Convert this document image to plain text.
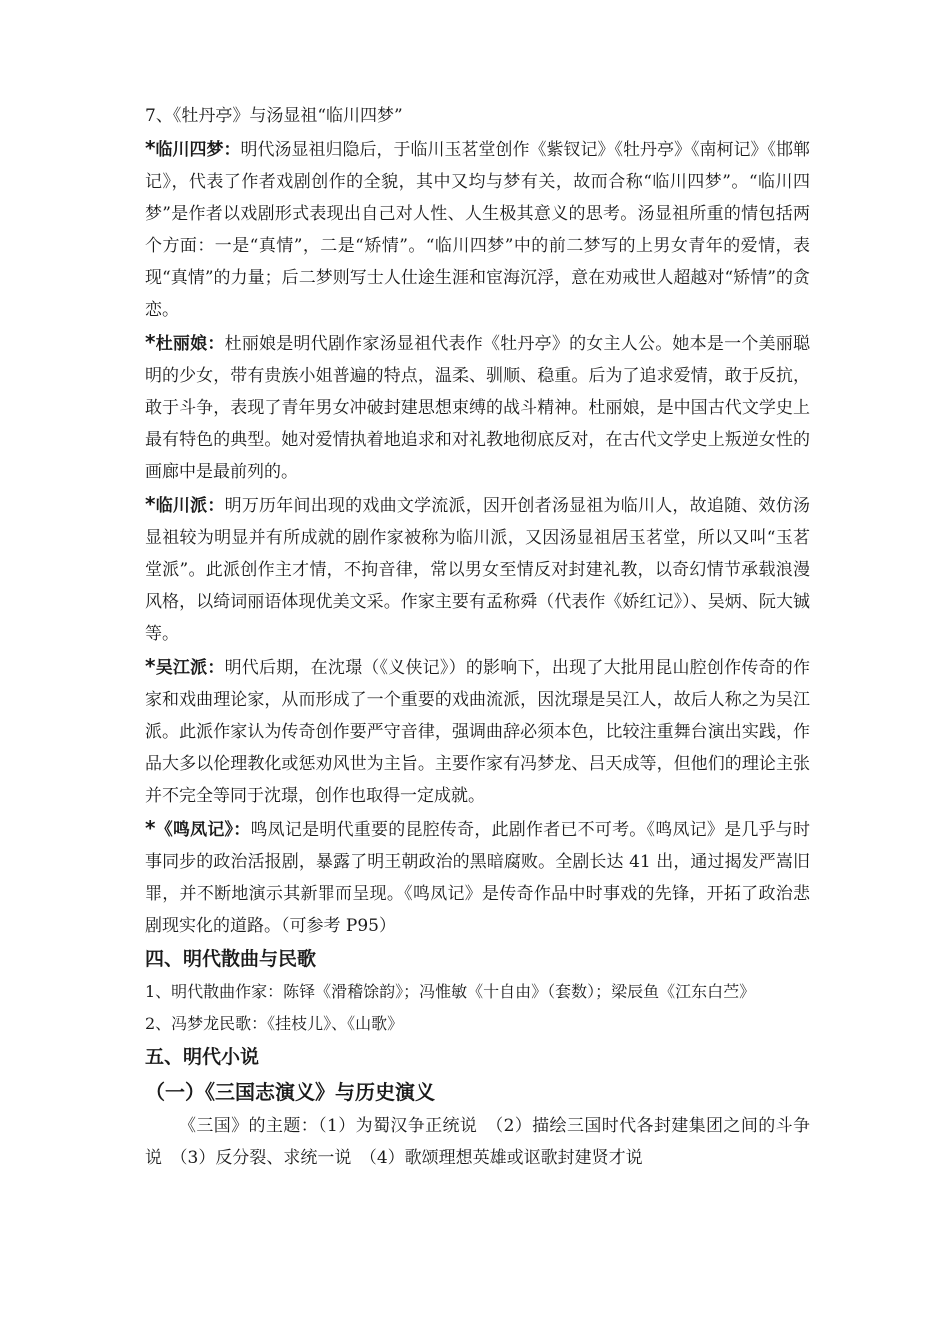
7、《牡丹亭》与汤显祖“临川四梦”

*临川四梦：明代汤显祖归隐后，于临川玉茗堂创作《紫钗记》《牡丹亭》《南柯记》《邯郸记》，代表了作者戏剧创作的全貌，其中又均与梦有关，故而合称“临川四梦”。“临川四梦”是作者以戏剧形式表现出自己对人性、人生极其意义的思考。汤显祖所重的情包括两个方面：一是“真情”，二是“矫情”。“临川四梦”中的前二梦写的上男女青年的爱情，表现“真情”的力量；后二梦则写士人仕途生涯和宦海沉浮，意在劝戒世人超越对“矫情”的贪恋。

*杜丽娘：杜丽娘是明代剧作家汤显祖代表作《牡丹亭》的女主人公。她本是一个美丽聪明的少女，带有贵族小姐普遍的特点，温柔、驯顺、稳重。后为了追求爱情，敢于反抗，敢于斗争，表现了青年男女冲破封建思想束缚的战斗精神。杜丽娘，是中国古代文学史上最有特色的典型。她对爱情执着地追求和对礼教地彻底反对，在古代文学史上叛逆女性的画廊中是最前列的。

*临川派：明万历年间出现的戏曲文学流派，因开创者汤显祖为临川人，故追随、效仿汤显祖较为明显并有所成就的剧作家被称为临川派，又因汤显祖居玉茗堂，所以又叫“玉茗堂派”。此派创作主才情，不拘音律，常以男女至情反对封建礼教，以奇幻情节承载浪漫风格，以绮词丽语体现优美文采。作家主要有孟称舜（代表作《娇红记》）、吴炳、阮大铖等。

*吴江派：明代后期，在沈璟（《义侠记》）的影响下，出现了大批用昆山腔创作传奇的作家和戏曲理论家，从而形成了一个重要的戏曲流派，因沈璟是吴江人，故后人称之为吴江派。此派作家认为传奇创作要严守音律，强调曲辞必须本色，比较注重舞台演出实践，作品大多以伦理教化或惩劝风世为主旨。主要作家有冯梦龙、吕天成等，但他们的理论主张并不完全等同于沈璟，创作也取得一定成就。

*《鸣凤记》：鸣凤记是明代重要的昆腔传奇，此剧作者已不可考。《鸣凤记》是几乎与时事同步的政治活报剧，暴露了明王朝政治的黑暗腐败。全剧长达 41 出，通过揭发严嵩旧罪，并不断地演示其新罪而呈现。《鸣凤记》是传奇作品中时事戏的先锋，开拓了政治悲剧现实化的道路。（可参考 P95）

四、明代散曲与民歌

1、明代散曲作家：陈铎《滑稽馀韵》；冯惟敏《十自由》（套数）；梁辰鱼《江东白苎》

2、冯梦龙民歌：《挂枝儿》、《山歌》

五、明代小说

（一）《三国志演义》与历史演义

《三国》的主题：（1）为蜀汉争正统说　（2）描绘三国时代各封建集团之间的斗争说　（3）反分裂、求统一说　（4）歌颂理想英雄或讴歌封建贤才说
